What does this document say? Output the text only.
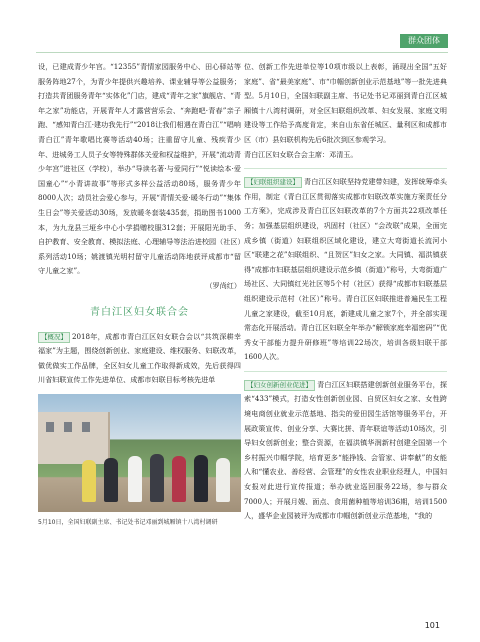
群众团体

设，已建成青少年宫。“12355”青情家园服务中心、田心驿站等服务阵地27个，为青少年提供兴趣培养、课业辅导等公益服务；打造共青团服务青年“实体化”门店，建成“青年之家”旗舰店、“青年之家”功能店，开展青年人才露营营乐会、“奔跑吧·青春”亲子跑、“感知青白江·建功我先行”“2018让我们相遇在青白江”“唱响青白江”青年歌唱比赛等活动40场；注重留守儿童、残疾青少年、进城务工人员子女等特殊群体关爱和权益维护，开展“流动青少年宫”进社区（学校），举办“导读名著·与爱同行”“悦读绘本·爱国童心”“小青讲故事”等形式多样公益活动80场，服务青少年8000人次；动员社会爱心参与，开展“青情关爱·暖冬行动”“集体生日会”等关爱活动30场，发放暖冬套装435套，捐助图书1000本，为九龙县三垭乡中心小学捐赠校服312套；开展阳光助手、自护教育、安全教育、模拟法庭、心理辅导等法治进校园（社区）系列活动10场；姚渡镇光明村留守儿童活动阵地获评成都市“留守儿童之家”。

（罗尚红）

青白江区妇女联合会

【概况】 2018年，成都市青白江区妇女联合会以“共筑深耕幸福家”为主题，围绕创新创业、家庭建设、维权服务、妇联改革，做优做实工作品牌，全区妇女儿童工作取得新成效，先后获得四川省妇联宣传工作先进单位、成都市妇联目标考核先进单

5月10日，全国妇联副主席、书记处书记邓丽到城厢镇十八湾村调研

位、创新工作先进单位等10项市级以上表彰，涌现出全国“五好家庭”、省“最美家庭”、市“巾帼创新创业示范基地”等一批先进典型。5月10日，全国妇联副主席、书记处书记邓丽到青白江区城厢镇十八湾村调研，对全区妇联组织改革、妇女发展、家庭文明建设等工作给予高度肯定，来自山东省任城区、量利区和成都市区（市）县妇联机构先后6批次到区参观学习。

青白江区妇女联合会主席：邓清玉。

【妇联组织建设】 青白江区妇联坚持党建带妇建，发挥统筹牵头作用，制定《青白江区贯彻落实成都市妇联改革实施方案责任分工方案》，完成涉及青白江区妇联改革的7个方面共22项改革任务；加强基层组织建设，巩固村（社区）“会改联”成果，全面完成乡镇（街道）妇联组织区域化建设，建立大弯街道长流河小区“联建之花”妇联组织、“且贺区”妇女之家。大同镇、福洪镇获得“成都市妇联基层组织建设示范乡镇（街道）”称号，大弯街道广场社区、大同镇红光社区等5个村（社区）获得“成都市妇联基层组织建设示范村（社区）”称号。青白江区妇联推进普遍民生工程儿童之家建设，截至10月底，新建成儿童之家7个，并全部实现常态化开展活动。青白江区妇联全年举办“解锁家庭幸福密码”“优秀女干部能力提升研修班”等培训22场次，培训各级妇联干部1600人次。

【妇女创新创业促进】 青白江区妇联搭建创新创业服务平台，探索“433”模式，打造女性创新创业园、自贸区妇女之家、女性跨境电商创业就业示范基地、指尖的爱田园生活馆等服务平台，开展政策宣传、创业分享、大赛比拼、青年联谊等活动10场次，引导妇女创新创业；整合资源，在福洪镇华润新村创建全国第一个乡村振兴巾帼学院，培育更多“能挣钱、会管家、讲奉献”的女能人和“懂农业、善经营、会管理”的女性农业职业经理人，中国妇女报对此进行宣传报道；举办就业巡回服务22场，参与群众7000人；开展月嫂、面点、食用菌种植等培训36期，培训1500人，盛华企业园被评为成都市巾帼创新创业示范基地，“我的

101
